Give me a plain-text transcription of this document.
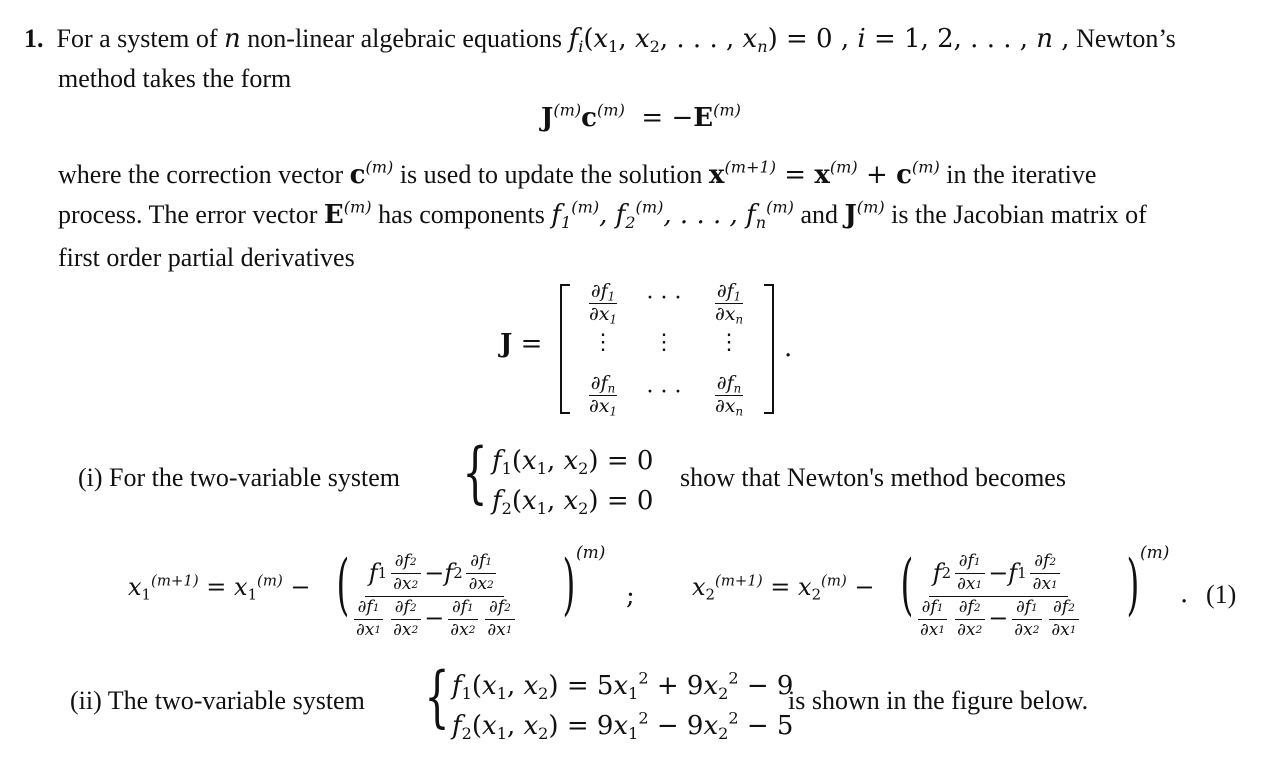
1. For a system of n non-linear algebraic equations $f_i(x_1$, $x_2$, . . . , $x_n) = 0$ , i = 1, 2, . . . , n , Newton’s
method takes the form
$J^{(m)}c^{(m)} = -E^{(m)}$
where the correction vector $c^{(m)}$ is used to update the solution $x^{(m+1)} = x^{(m)} + c^{(m)}$ in the iterative
process. The error vector $E^{(m)}$ has components $f_1^{(m)}$, $f_2^{(m)}$, . . . , $f_n^{(m)}$ and $J^{(m)}$ is the Jacobian matrix of
first order partial derivatives
J =
$\frac{\partial f_1}{\partial x_1}$ · · · $\frac{\partial f_1}{\partial x_n}$
⋮	⋮	⋮
$\frac{\partial f_n}{\partial x_1}$ · · · $\frac{\partial f_n}{\partial x_n}$
.
(i) For the two-variable system { $f_1(x_1$, $x_2) = 0$
$f_2(x_1$, $x_2) = 0$
show that Newton's method becomes
$x_1^{(m+1)} = x_1^{(m)}$ − (
$\frac{f 1 \frac{\partial f 2}{\partial x 2} - f 2 \frac{\partial f 1}{\partial x 2}}{\frac{\partial f 1}{\partial x 1} \frac{\partial f 2}{\partial x 2} - \frac{\partial f 1}{\partial x 2} \frac{\partial f 2}{\partial x 1}}$ ) (m)
; $x_2^{(m+1)} = x_2^{(m)}$ − (
$\frac{f 2 \frac{\partial f 1}{\partial x 1} - f 1 \frac{\partial f 2}{\partial x 1}}{\frac{\partial f 1}{\partial x 1} \frac{\partial f 2}{\partial x 2} - \frac{\partial f 1}{\partial x 2} \frac{\partial f 2}{\partial x 1}}$ ) (m)
. (1)
(ii) The two-variable system { $f_1(x_1$, $x_2) = 5x_1^2 + 9x_2^2 - 9$
$f_2(x_1$, $x_2) = 9x_1^2 - 9x_2^2 - 5$
is shown in the figure below.
